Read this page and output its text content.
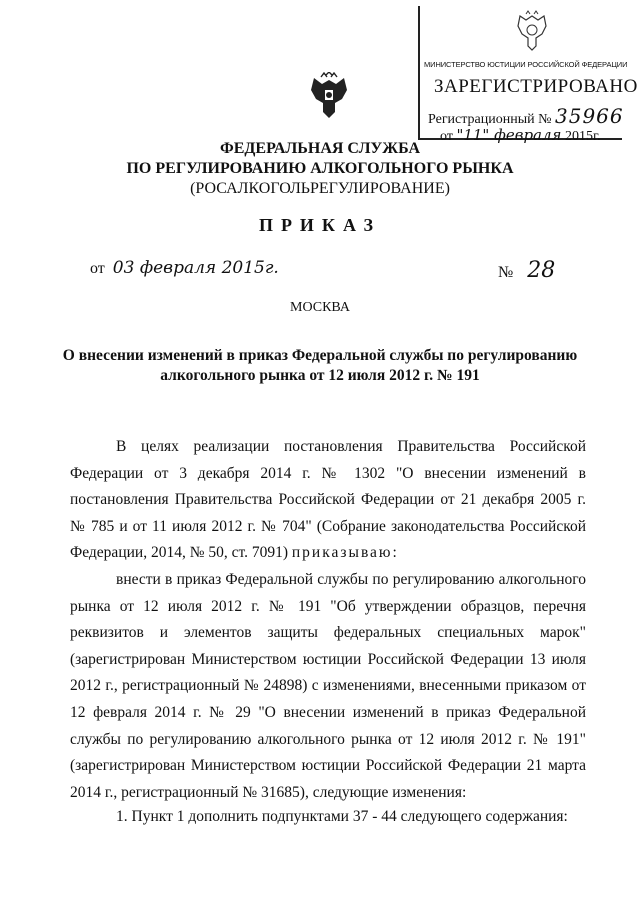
МИНИСТЕРСТВО ЮСТИЦИИ РОССИЙСКОЙ ФЕДЕРАЦИИ
ЗАРЕГИСТРИРОВАНО
Регистрационный № 35966
от "11" февраля 2015г.
ФЕДЕРАЛЬНАЯ СЛУЖБА
ПО РЕГУЛИРОВАНИЮ АЛКОГОЛЬНОГО РЫНКА
(РОСАЛКОГОЛЬРЕГУЛИРОВАНИЕ)
ПРИКАЗ
от 03 февраля 2015г.	№ 28
МОСКВА
О внесении изменений в приказ Федеральной службы по регулированию алкогольного рынка от 12 июля 2012 г. № 191
В целях реализации постановления Правительства Российской Федерации от 3 декабря 2014 г. № 1302 "О внесении изменений в постановления Правительства Российской Федерации от 21 декабря 2005 г. № 785 и от 11 июля 2012 г. № 704" (Собрание законодательства Российской Федерации, 2014, № 50, ст. 7091) приказываю:
внести в приказ Федеральной службы по регулированию алкогольного рынка от 12 июля 2012 г. № 191 "Об утверждении образцов, перечня реквизитов и элементов защиты федеральных специальных марок" (зарегистрирован Министерством юстиции Российской Федерации 13 июля 2012 г., регистрационный № 24898) с изменениями, внесенными приказом от 12 февраля 2014 г. № 29 "О внесении изменений в приказ Федеральной службы по регулированию алкогольного рынка от 12 июля 2012 г. № 191" (зарегистрирован Министерством юстиции Российской Федерации 21 марта 2014 г., регистрационный № 31685), следующие изменения:
1. Пункт 1 дополнить подпунктами 37 - 44 следующего содержания:
